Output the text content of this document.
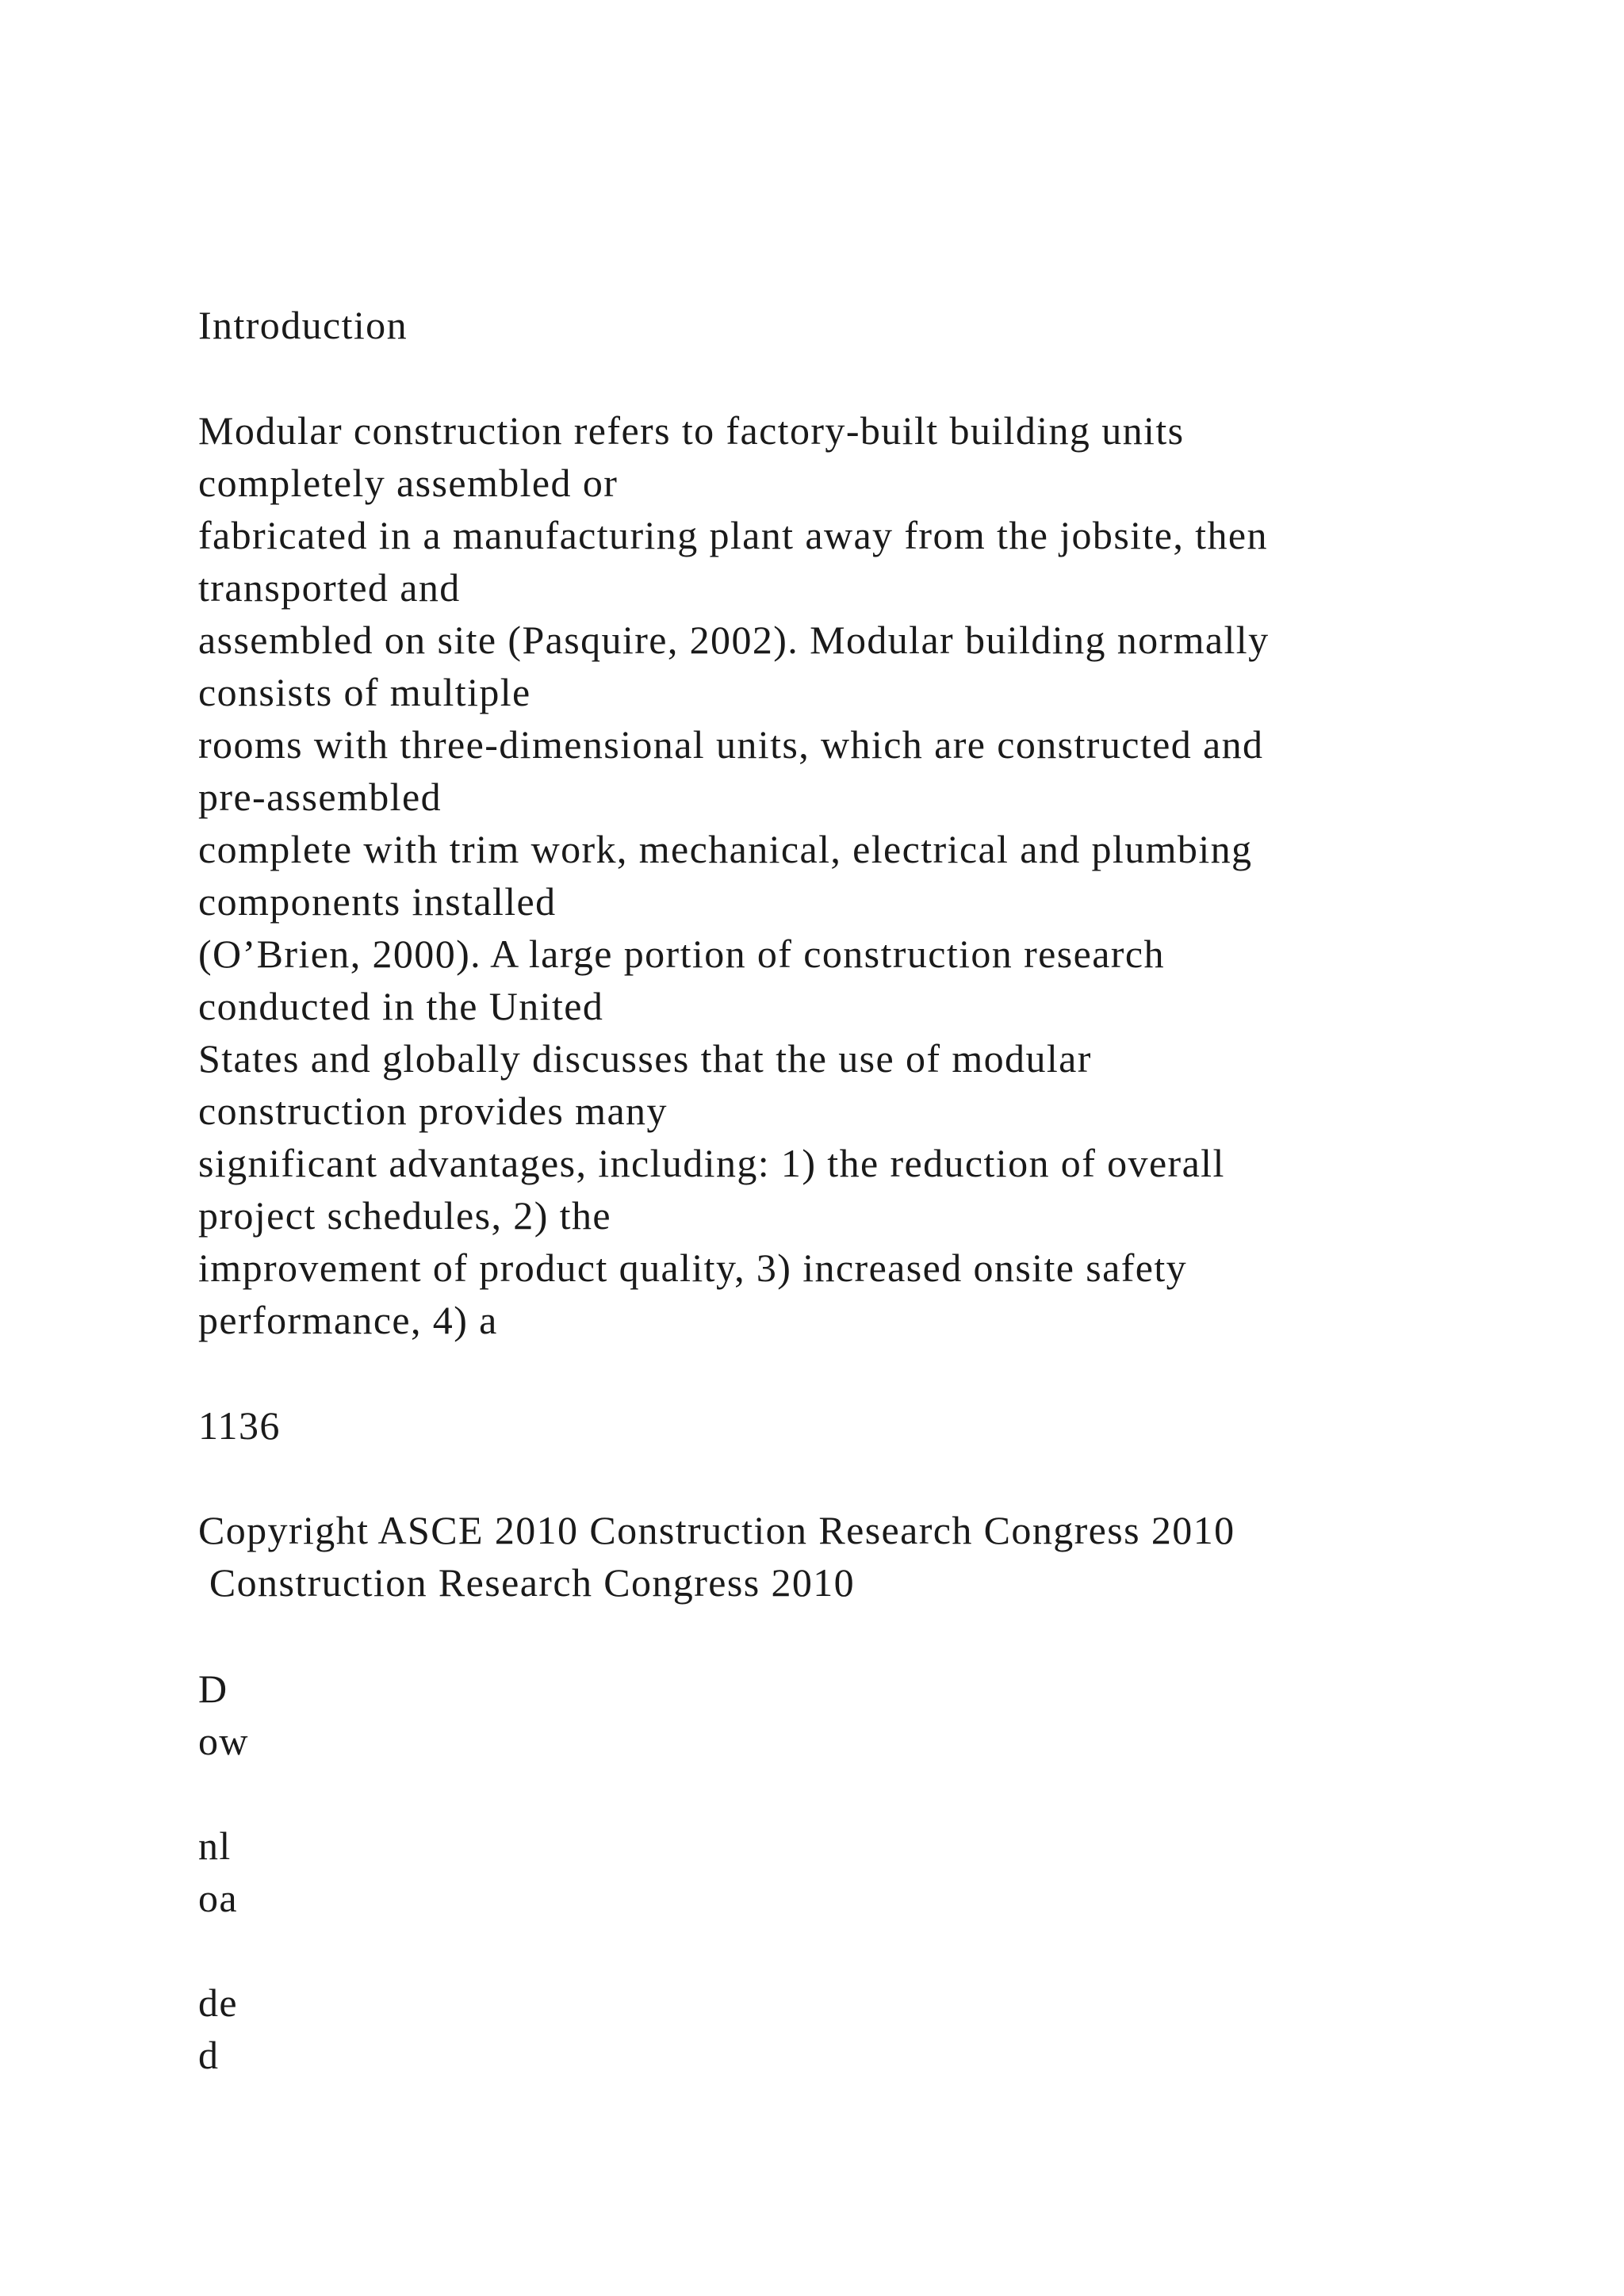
Introduction

Modular construction refers to factory-built building units

completely assembled or

fabricated in a manufacturing plant away from the jobsite, then

transported and

assembled on site (Pasquire, 2002). Modular building normally

consists of multiple

rooms with three-dimensional units, which are constructed and

pre-assembled

complete with trim work, mechanical, electrical and plumbing

components installed

(O’Brien, 2000). A large portion of construction research

conducted in the United

States and globally discusses that the use of modular

construction provides many

significant advantages, including: 1) the reduction of overall

project schedules, 2) the

improvement of product quality, 3) increased onsite safety

performance, 4) a

1136

Copyright ASCE 2010 Construction Research Congress 2010

Construction Research Congress 2010

D

ow

nl

oa

de

d
